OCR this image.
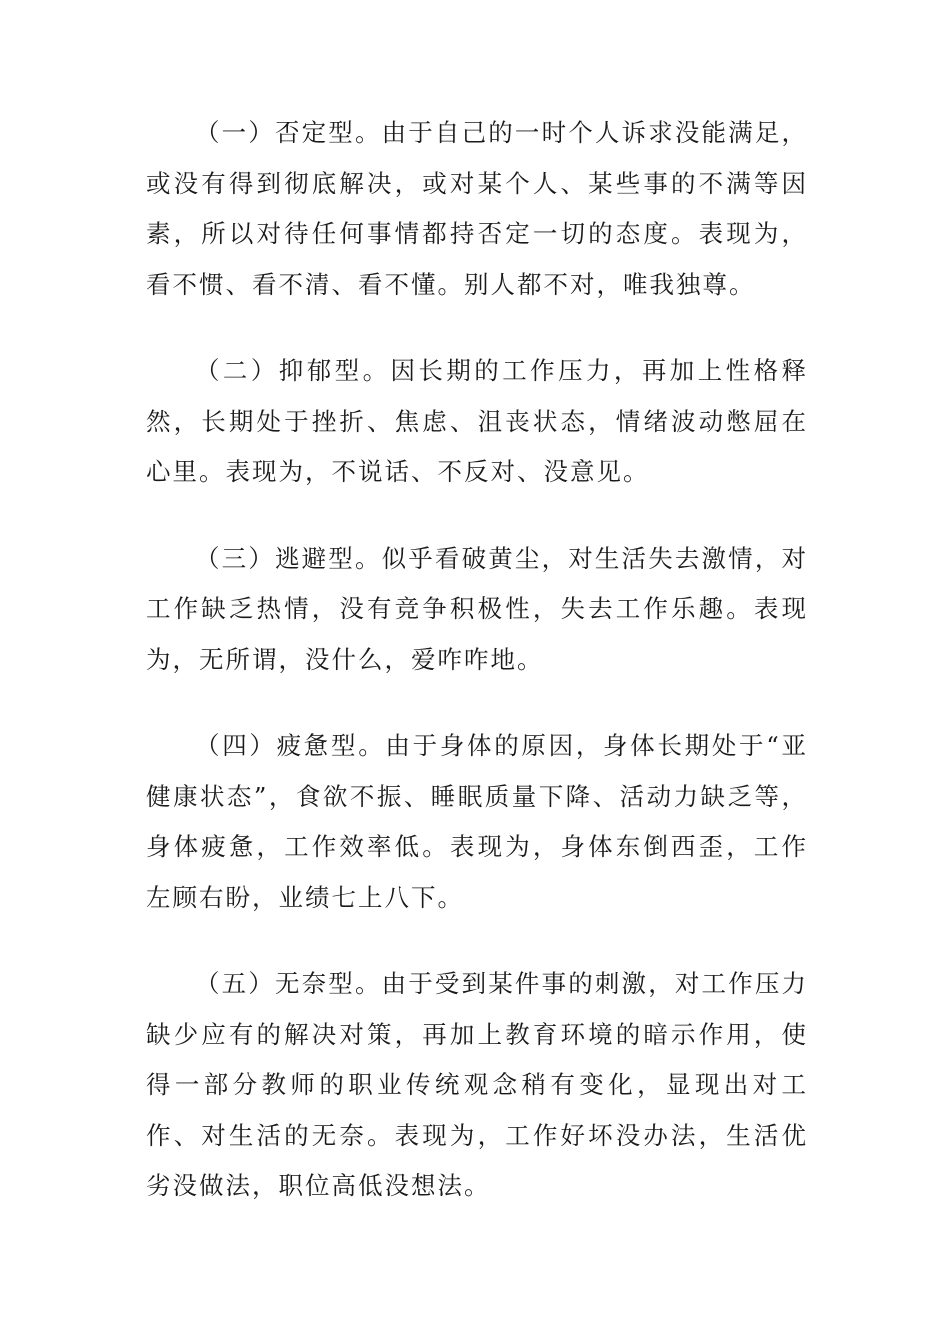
（一）否定型。由于自己的一时个人诉求没能满足，或没有得到彻底解决，或对某个人、某些事的不满等因素，所以对待任何事情都持否定一切的态度。表现为，看不惯、看不清、看不懂。别人都不对，唯我独尊。

（二）抑郁型。因长期的工作压力，再加上性格释然，长期处于挫折、焦虑、沮丧状态，情绪波动憋屈在心里。表现为，不说话、不反对、没意见。

（三）逃避型。似乎看破黄尘，对生活失去激情，对工作缺乏热情，没有竞争积极性，失去工作乐趣。表现为，无所谓，没什么，爱咋咋地。

（四）疲惫型。由于身体的原因，身体长期处于“亚健康状态”，食欲不振、睡眠质量下降、活动力缺乏等，身体疲惫，工作效率低。表现为，身体东倒西歪，工作左顾右盼，业绩七上八下。

（五）无奈型。由于受到某件事的刺激，对工作压力缺少应有的解决对策，再加上教育环境的暗示作用，使得一部分教师的职业传统观念稍有变化，显现出对工作、对生活的无奈。表现为，工作好坏没办法，生活优劣没做法，职位高低没想法。
